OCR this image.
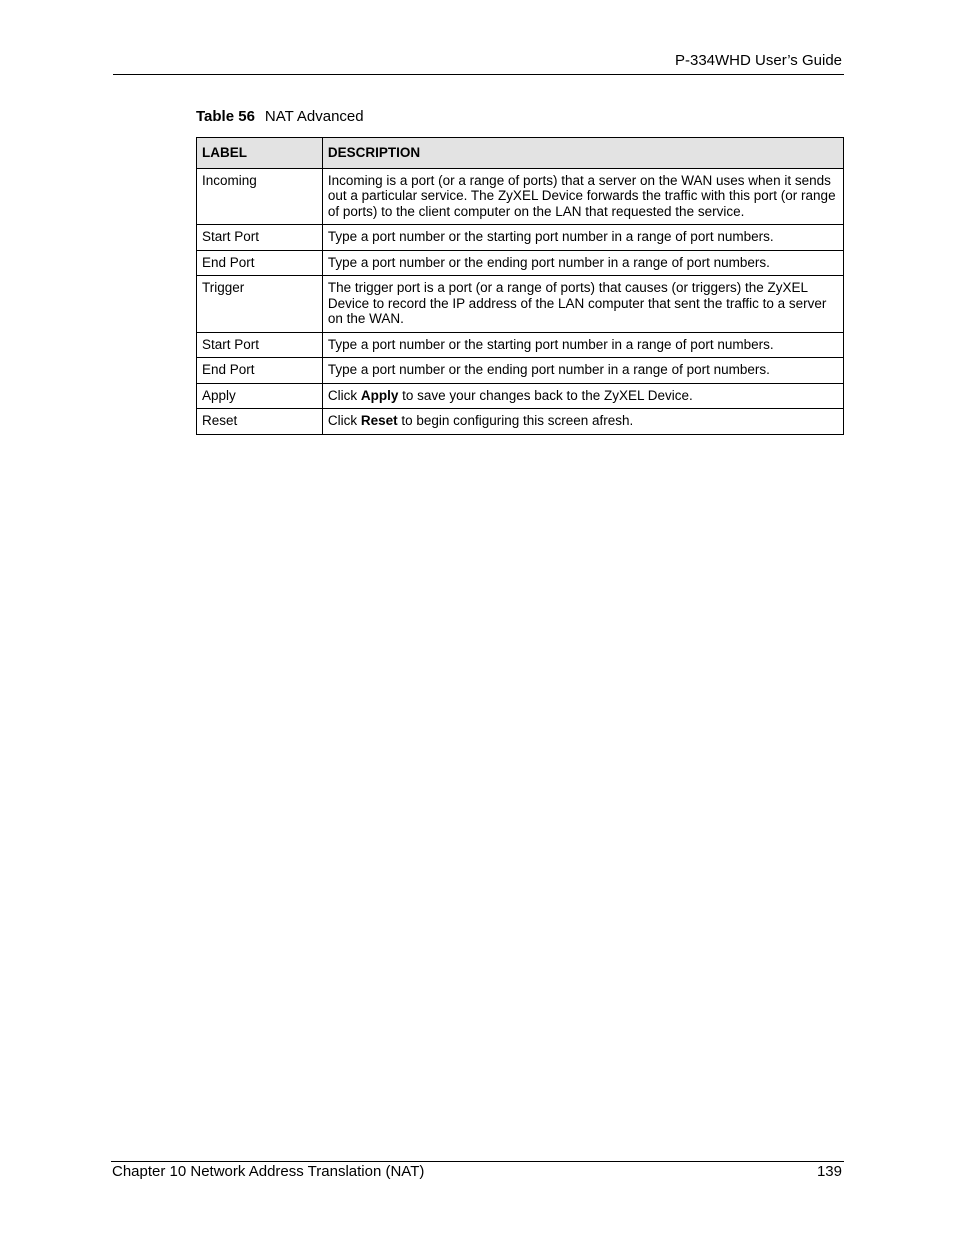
P-334WHD User’s Guide
Table 56 NAT Advanced
LABEL	DESCRIPTION
Incoming	Incoming is a port (or a range of ports) that a server on the WAN uses when it sends out a particular service. The ZyXEL Device forwards the traffic with this port (or range of ports) to the client computer on the LAN that requested the service.
Start Port	Type a port number or the starting port number in a range of port numbers.
End Port	Type a port number or the ending port number in a range of port numbers.
Trigger	The trigger port is a port (or a range of ports) that causes (or triggers) the ZyXEL Device to record the IP address of the LAN computer that sent the traffic to a server on the WAN.
Start Port	Type a port number or the starting port number in a range of port numbers.
End Port	Type a port number or the ending port number in a range of port numbers.
Apply	Click Apply to save your changes back to the ZyXEL Device.
Reset	Click Reset to begin configuring this screen afresh.
Chapter 10 Network Address Translation (NAT)	139
